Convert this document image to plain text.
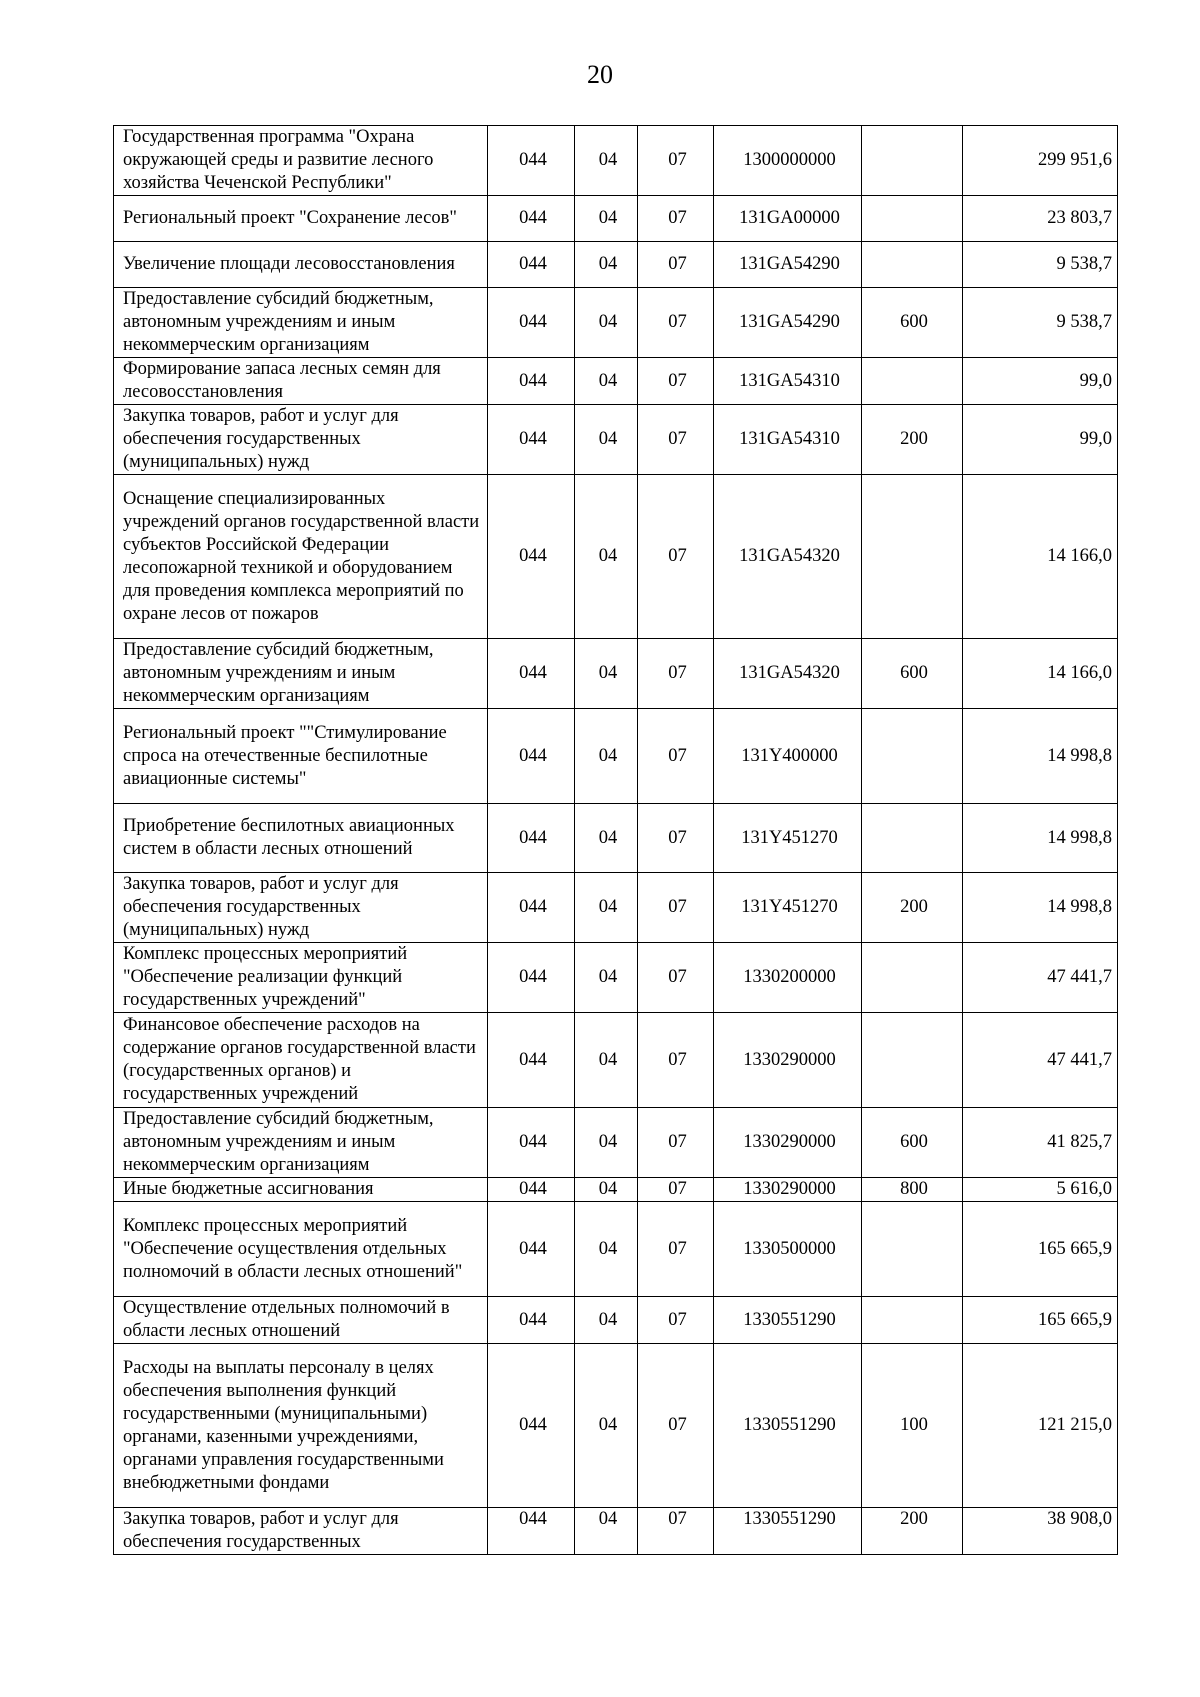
20
Государственная программа "Охрана окружающей среды и развитие лесного хозяйства Чеченской Республики"	044	04	07	1300000000		299 951,6
Региональный проект "Сохранение лесов"	044	04	07	131GA00000		23 803,7
Увеличение площади лесовосстановления	044	04	07	131GA54290		9 538,7
Предоставление субсидий бюджетным, автономным учреждениям и иным некоммерческим организациям	044	04	07	131GA54290	600	9 538,7
Формирование запаса лесных семян для лесовосстановления	044	04	07	131GA54310		99,0
Закупка товаров, работ и услуг для обеспечения государственных (муниципальных) нужд	044	04	07	131GA54310	200	99,0
Оснащение специализированных учреждений органов государственной власти субъектов Российской Федерации лесопожарной техникой и оборудованием для проведения комплекса мероприятий по охране лесов от пожаров	044	04	07	131GA54320		14 166,0
Предоставление субсидий бюджетным, автономным учреждениям и иным некоммерческим организациям	044	04	07	131GA54320	600	14 166,0
Региональный проект ""Стимулирование спроса на отечественные беспилотные авиационные системы"	044	04	07	131Y400000		14 998,8
Приобретение беспилотных авиационных систем в области лесных отношений	044	04	07	131Y451270		14 998,8
Закупка товаров, работ и услуг для обеспечения государственных (муниципальных) нужд	044	04	07	131Y451270	200	14 998,8
Комплекс процессных мероприятий "Обеспечение реализации функций государственных учреждений"	044	04	07	1330200000		47 441,7
Финансовое обеспечение расходов на содержание органов государственной власти (государственных органов) и государственных учреждений	044	04	07	1330290000		47 441,7
Предоставление субсидий бюджетным, автономным учреждениям и иным некоммерческим организациям	044	04	07	1330290000	600	41 825,7
Иные бюджетные ассигнования	044	04	07	1330290000	800	5 616,0
Комплекс процессных мероприятий "Обеспечение осуществления отдельных полномочий в области лесных отношений"	044	04	07	1330500000		165 665,9
Осуществление отдельных полномочий в области лесных отношений	044	04	07	1330551290		165 665,9
Расходы на выплаты персоналу в целях обеспечения выполнения функций государственными (муниципальными) органами, казенными учреждениями, органами управления государственными внебюджетными фондами	044	04	07	1330551290	100	121 215,0
Закупка товаров, работ и услуг для обеспечения государственных	044	04	07	1330551290	200	38 908,0
